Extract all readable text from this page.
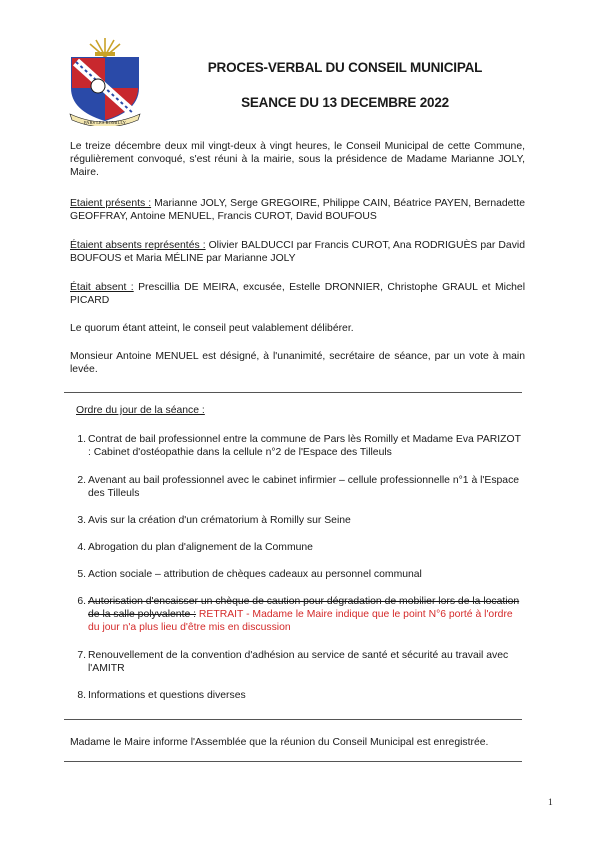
PARS LES ROMILLY
PROCES-VERBAL DU CONSEIL MUNICIPAL
SEANCE DU 13 DECEMBRE 2022
Le treize décembre deux mil vingt-deux à vingt heures, le Conseil Municipal de cette Commune, régulièrement convoqué, s'est réuni à la mairie, sous la présidence de Madame Marianne JOLY, Maire.
Etaient présents : Marianne JOLY, Serge GREGOIRE, Philippe CAIN, Béatrice PAYEN, Bernadette GEOFFRAY, Antoine MENUEL, Francis CUROT, David BOUFOUS
Étaient absents représentés : Olivier BALDUCCI par Francis CUROT, Ana RODRIGUÈS par David BOUFOUS et Maria MÉLINE par Marianne JOLY
Était absent : Prescillia DE MEIRA, excusée, Estelle DRONNIER, Christophe GRAUL et Michel PICARD
Le quorum étant atteint, le conseil peut valablement délibérer.
Monsieur Antoine MENUEL est désigné, à l'unanimité, secrétaire de séance, par un vote à main levée.
Ordre du jour de la séance :
1. Contrat de bail professionnel entre la commune de Pars lès Romilly et Madame Eva PARIZOT : Cabinet d'ostéopathie dans la cellule n°2 de l'Espace des Tilleuls
2. Avenant au bail professionnel avec le cabinet infirmier – cellule professionnelle n°1 à l'Espace des Tilleuls
3. Avis sur la création d'un crématorium à Romilly sur Seine
4. Abrogation du plan d'alignement de la Commune
5. Action sociale – attribution de chèques cadeaux au personnel communal
6. Autorisation d'encaisser un chèque de caution pour dégradation de mobilier lors de la location de la salle polyvalente : RETRAIT - Madame le Maire indique que le point N°6 porté à l'ordre du jour n'a plus lieu d'être mis en discussion
7. Renouvellement de la convention d'adhésion au service de santé et sécurité au travail avec l'AMITR
8. Informations et questions diverses
Madame le Maire informe l'Assemblée que la réunion du Conseil Municipal est enregistrée.
1
